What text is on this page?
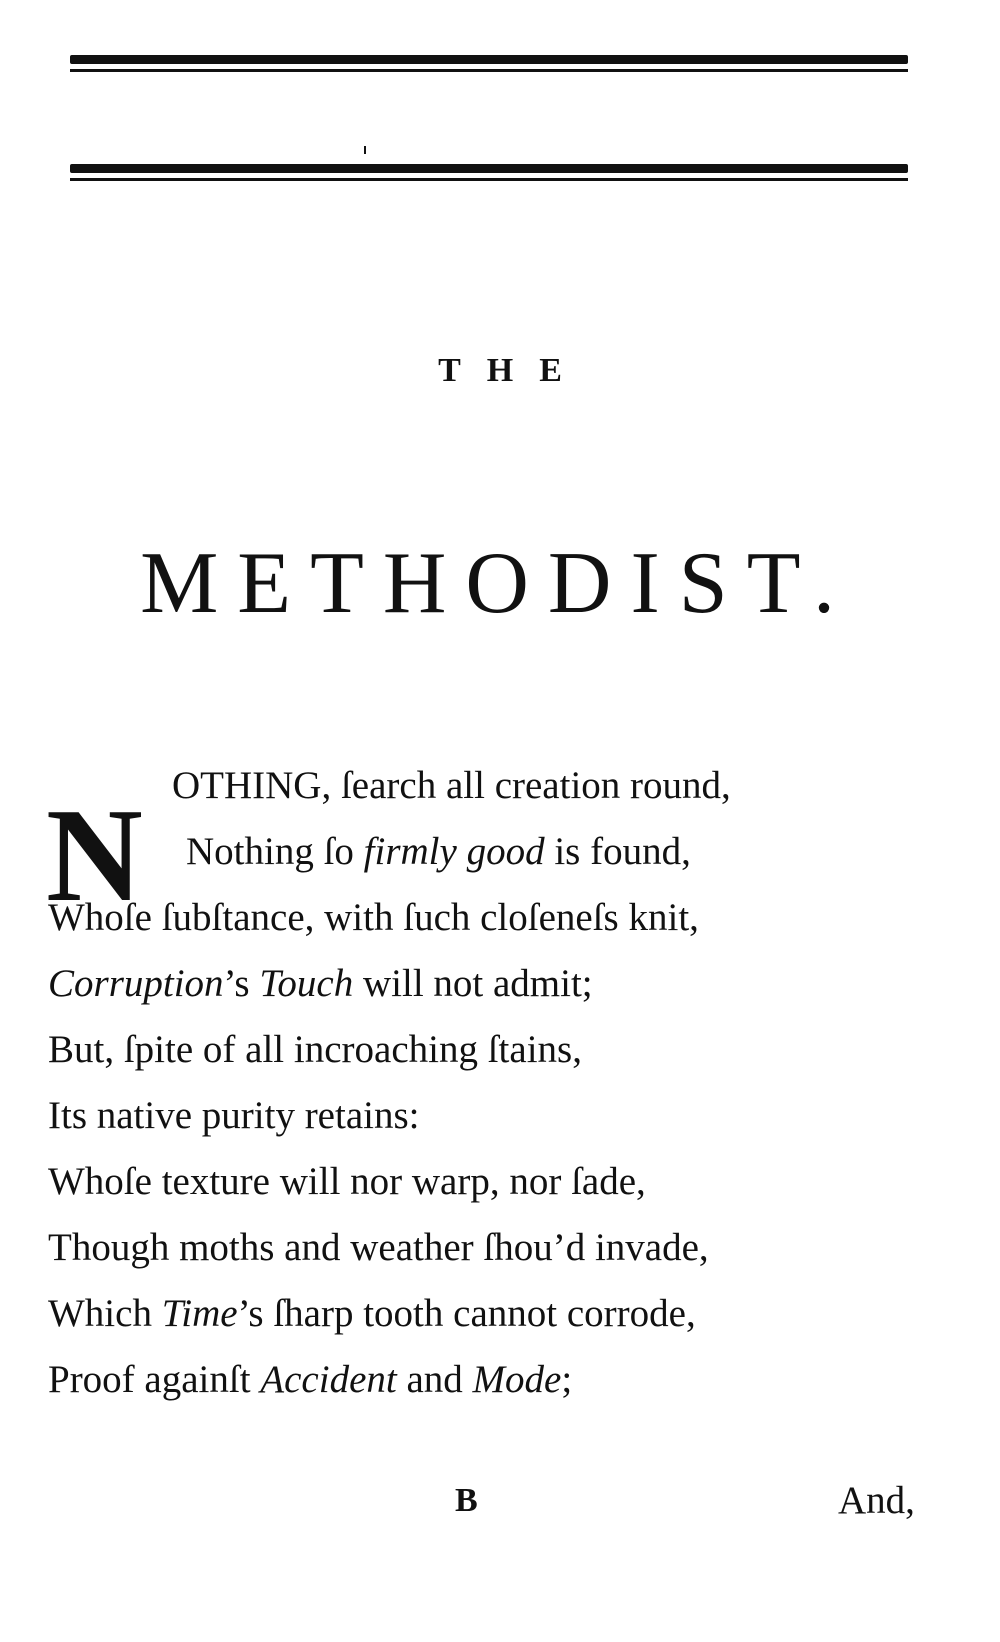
THE
METHODIST.
N OTHING, ſearch all creation round,
Nothing ſo firmly good is found,
Whoſe ſubſtance, with ſuch cloſeneſs knit,
Corruption’s Touch will not admit;
But, ſpite of all incroaching ſtains,
Its native purity retains:
Whoſe texture will nor warp, nor ſade,
Though moths and weather ſhou’d invade,
Which Time’s ſharp tooth cannot corrode,
Proof againſt Accident and Mode;
B	And,
